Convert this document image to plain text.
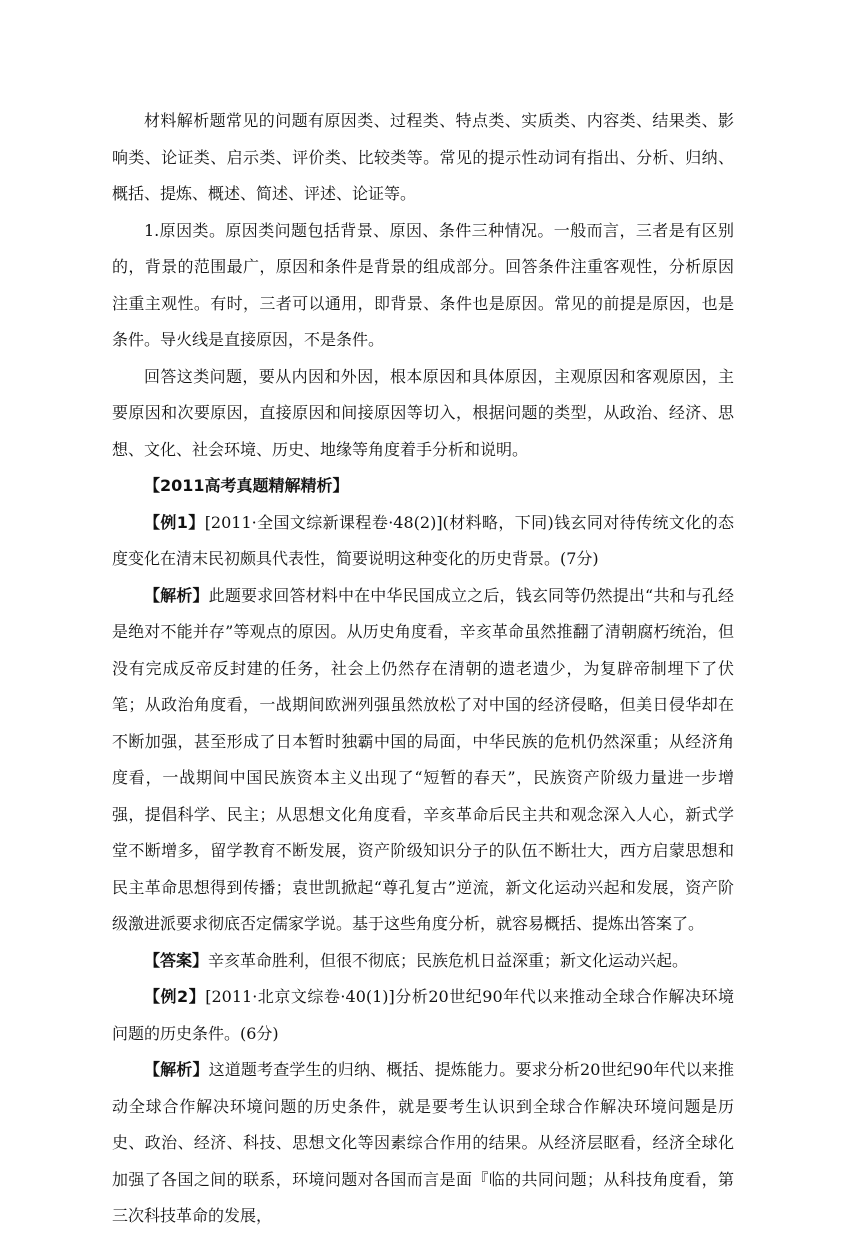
材料解析题常见的问题有原因类、过程类、特点类、实质类、内容类、结果类、影响类、论证类、启示类、评价类、比较类等。常见的提示性动词有指出、分析、归纳、概括、提炼、概述、简述、评述、论证等。

1.原因类。原因类问题包括背景、原因、条件三种情况。一般而言，三者是有区别的，背景的范围最广，原因和条件是背景的组成部分。回答条件注重客观性，分析原因注重主观性。有时，三者可以通用，即背景、条件也是原因。常见的前提是原因，也是条件。导火线是直接原因，不是条件。

回答这类问题，要从内因和外因，根本原因和具体原因，主观原因和客观原因，主要原因和次要原因，直接原因和间接原因等切入，根据问题的类型，从政治、经济、思想、文化、社会环境、历史、地缘等角度着手分析和说明。

【2011高考真题精解精析】

【例1】[2011·全国文综新课程卷·48(2)](材料略，下同)钱玄同对待传统文化的态度变化在清末民初颇具代表性，简要说明这种变化的历史背景。(7分)

【解析】此题要求回答材料中在中华民国成立之后，钱玄同等仍然提出“共和与孔经是绝对不能并存”等观点的原因。从历史角度看，辛亥革命虽然推翻了清朝腐朽统治，但没有完成反帝反封建的任务，社会上仍然存在清朝的遗老遗少，为复辟帝制埋下了伏笔；从政治角度看，一战期间欧洲列强虽然放松了对中国的经济侵略，但美日侵华却在不断加强，甚至形成了日本暂时独霸中国的局面，中华民族的危机仍然深重；从经济角度看，一战期间中国民族资本主义出现了“短暂的春天”，民族资产阶级力量进一步增强，提倡科学、民主；从思想文化角度看，辛亥革命后民主共和观念深入人心，新式学堂不断增多，留学教育不断发展，资产阶级知识分子的队伍不断壮大，西方启蒙思想和民主革命思想得到传播；袁世凯掀起“尊孔复古”逆流，新文化运动兴起和发展，资产阶级激进派要求彻底否定儒家学说。基于这些角度分析，就容易概括、提炼出答案了。

【答案】辛亥革命胜利，但很不彻底；民族危机日益深重；新文化运动兴起。

【例2】[2011·北京文综卷·40(1)]分析20世纪90年代以来推动全球合作解决环境问题的历史条件。(6分)

【解析】这道题考查学生的归纳、概括、提炼能力。要求分析20世纪90年代以来推动全球合作解决环境问题的历史条件，就是要考生认识到全球合作解决环境问题是历史、政治、经济、科技、思想文化等因素综合作用的结果。从经济层眍看，经济全球化加强了各国之间的联系，环境问题对各国而言是面『临的共同问题；从科技角度看，第三次科技革命的发展，
